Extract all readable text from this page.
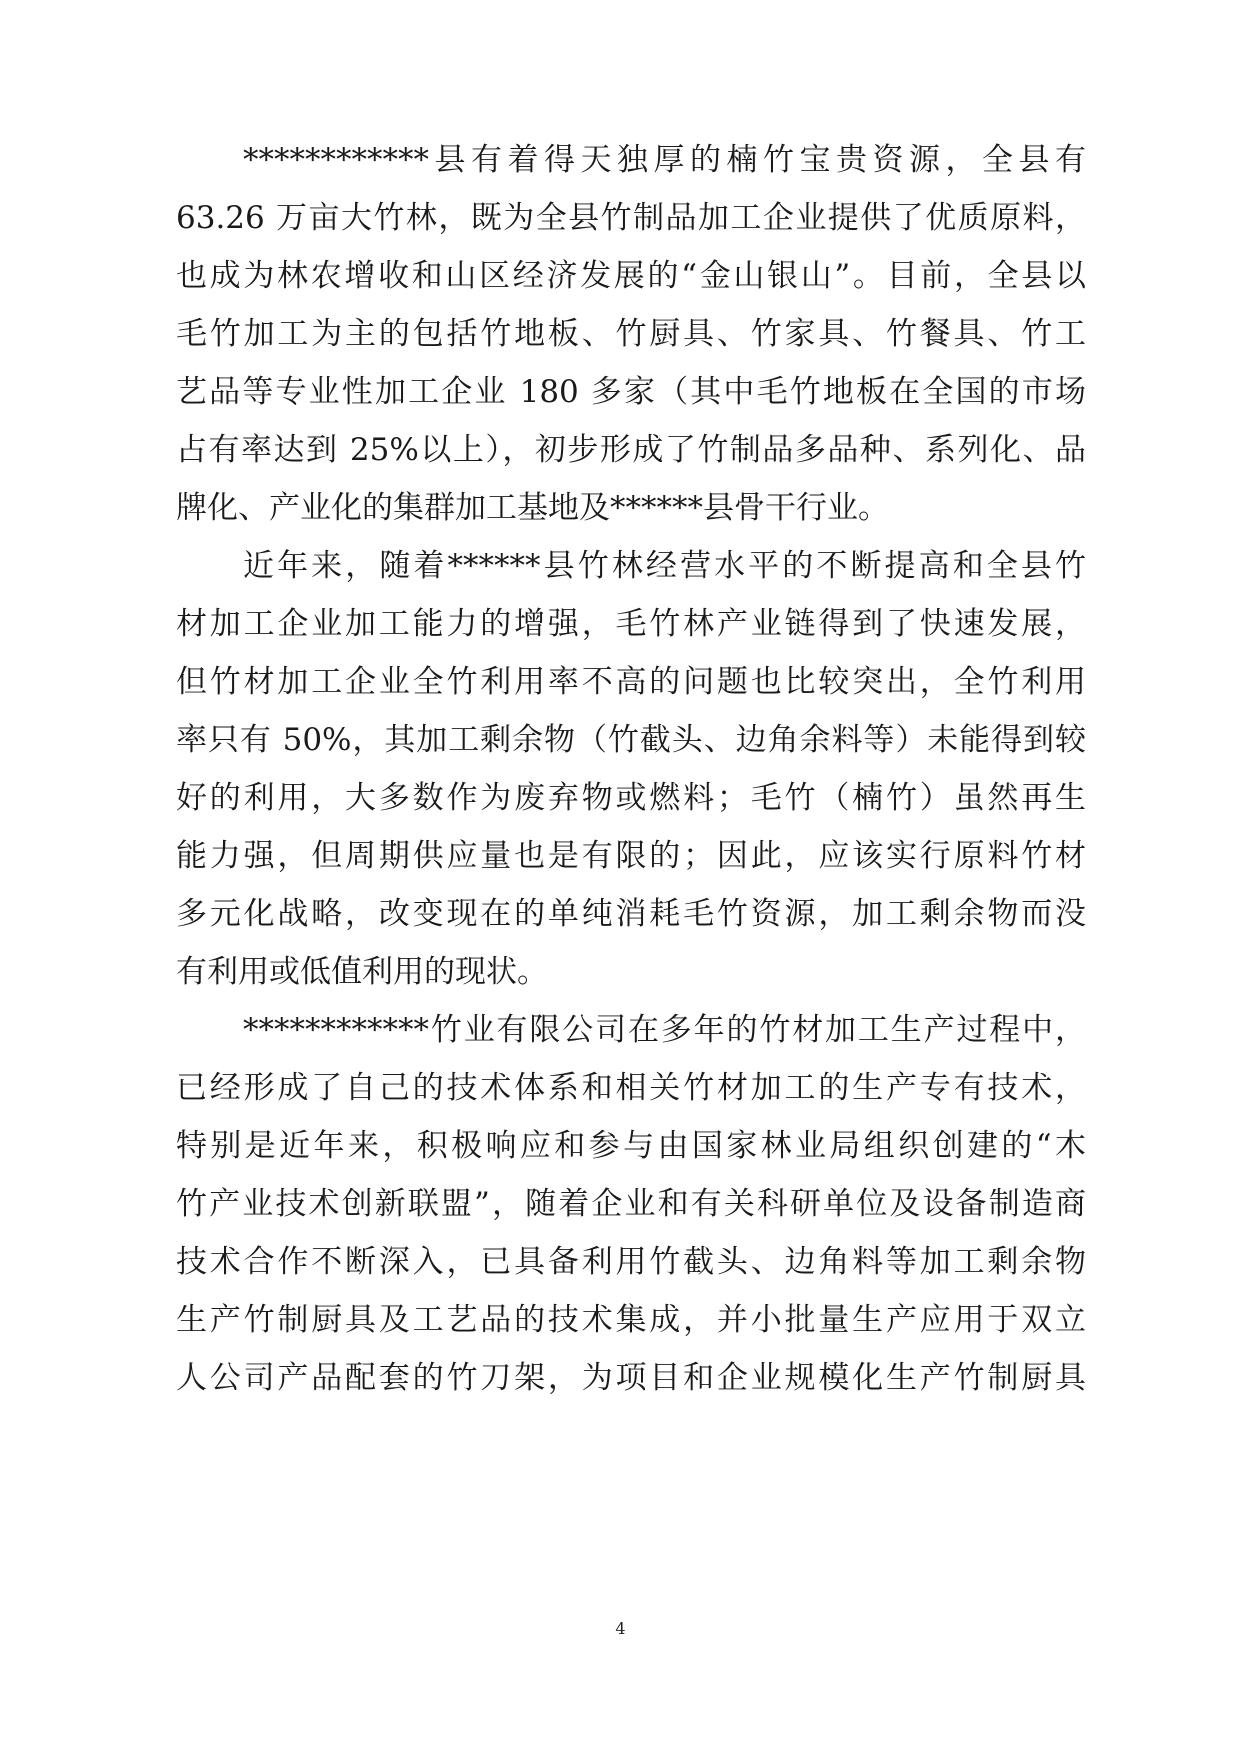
************县有着得天独厚的楠竹宝贵资源，全县有
63.26 万亩大竹林，既为全县竹制品加工企业提供了优质原料，
也成为林农增收和山区经济发展的“金山银山”。目前，全县以
毛竹加工为主的包括竹地板、竹厨具、竹家具、竹餐具、竹工
艺品等专业性加工企业 180 多家（其中毛竹地板在全国的市场
占有率达到 25%以上），初步形成了竹制品多品种、系列化、品
牌化、产业化的集群加工基地及******县骨干行业。
近年来，随着******县竹林经营水平的不断提高和全县竹
材加工企业加工能力的增强，毛竹林产业链得到了快速发展，
但竹材加工企业全竹利用率不高的问题也比较突出，全竹利用
率只有 50%，其加工剩余物（竹截头、边角余料等）未能得到较
好的利用，大多数作为废弃物或燃料；毛竹（楠竹）虽然再生
能力强，但周期供应量也是有限的；因此，应该实行原料竹材
多元化战略，改变现在的单纯消耗毛竹资源，加工剩余物而没
有利用或低值利用的现状。
************竹业有限公司在多年的竹材加工生产过程中，
已经形成了自己的技术体系和相关竹材加工的生产专有技术，
特别是近年来，积极响应和参与由国家林业局组织创建的“木
竹产业技术创新联盟”，随着企业和有关科研单位及设备制造商
技术合作不断深入，已具备利用竹截头、边角料等加工剩余物
生产竹制厨具及工艺品的技术集成，并小批量生产应用于双立
人公司产品配套的竹刀架，为项目和企业规模化生产竹制厨具
4
